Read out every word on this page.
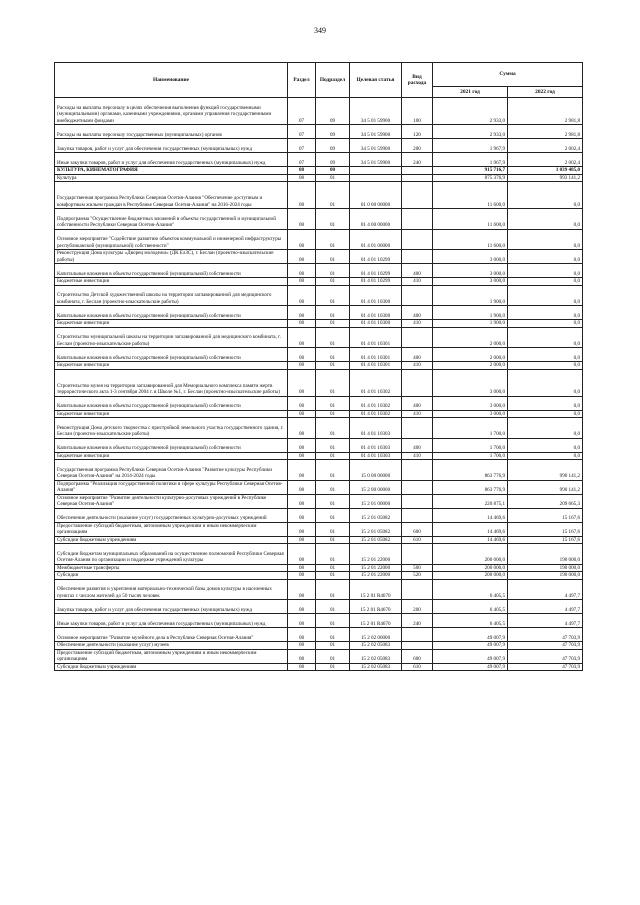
349
Наименование	Раздел	Подраздел	Целевая статья	Вид расхода	Сумма	
					2021 год	2022 год
Расходы на выплаты персоналу в целях обеспечения выполнения функций государственными (муниципальными) органами, казенными учреждениями, органами управления государственными внебюджетными фондами	07	09	34 5 01 59900	100	2 933,0	2 981,8
Расходы на выплаты персоналу государственных (муниципальных) органов	07	09	34 5 01 59900	120	2 933,0	2 981,8
Закупка товаров, работ и услуг для обеспечения государственных (муниципальных) нужд	07	09	34 5 01 59900	200	1 967,9	2 002,4
Иные закупки товаров, работ и услуг для обеспечения государственных (муниципальных) нужд	07	09	34 5 01 59900	240	1 967,9	2 002,4
КУЛЬТУРА, КИНЕМАТОГРАФИЯ	08	00			915 716,7	1 039 485,0
Культура	08	01			875 376,9	993 141,2
Государственная программа Республики Северная Осетия-Алания "Обеспечение доступным и комфортным жильем граждан в Республике Северная Осетия-Алания" на 2016-2024 годы	08	01	01 0 00 00000		11 600,0	0,0
Подпрограмма "Осуществление бюджетных вложений в объекты государственной и муниципальной собственности Республики Северная Осетия-Алания"	08	01	01 4 00 00000		11 600,0	0,0
Основное мероприятие "Содействие развитию объектов коммунальной и инженерной инфраструктуры республиканской (муниципальной) собственности"	08	01	01 4 01 00000		11 600,0	0,0
Реконструкция Дома культуры «Дворец молодежи» (ДК ЕлЗС), г. Беслан (проектно-изыскательские работы)	08	01	01 4 01 10299		3 000,0	0,0
Капитальные вложения в объекты государственной (муниципальной) собственности	08	01	01 4 01 10299	400	3 000,0	0,0
Бюджетные инвестиции	08	01	01 4 01 10299	410	3 000,0	0,0
Строительство Детской художественной школы на территории заглавированной для медицинского комбината, г. Беслан (проектно-изыскательские работы)	08	01	01 4 01 10300		1 900,0	0,0
Капитальные вложения в объекты государственной (муниципальной) собственности	08	01	01 4 01 10300	400	1 900,0	0,0
Бюджетные инвестиции	08	01	01 4 01 10300	410	1 900,0	0,0
Строительство муниципальной школы на территории заглавированной для медицинского комбината, г. Беслан (проектно-изыскательские работы)	08	01	01 4 01 10301		2 000,0	0,0
Капитальные вложения в объекты государственной (муниципальной) собственности	08	01	01 4 01 10301	400	2 000,0	0,0
Бюджетные инвестиции	08	01	01 4 01 10301	410	2 000,0	0,0
Строительство музея на территории заглавированной для Мемориального комплекса памяти жертв террористического акта 1-3 сентября 2004 г. в Школе №1, г. Беслан (проектно-изыскательские работы)	08	01	01 4 01 10302		3 000,0	0,0
Капитальные вложения в объекты государственной (муниципальной) собственности	08	01	01 4 01 10302	400	3 000,0	0,0
Бюджетные инвестиции	08	01	01 4 01 10302	410	3 000,0	0,0
Реконструкция Дома детского творчества с пристройкой земельного участка государственного здания, г. Беслан (проектно-изыскательские работы)	08	01	01 4 01 10303		1 700,0	0,0
Капитальные вложения в объекты государственной (муниципальной) собственности	08	01	01 4 01 10303	400	1 700,0	0,0
Бюджетные инвестиции	08	01	01 4 01 10303	410	1 700,0	0,0
Государственная программа Республики Северная Осетия-Алания "Развитие культуры Республики Северная Осетия-Алания" на 2014-2024 годы	08	01	15 0 00 00000		863 776,9	990 141,2
Подпрограмма "Реализация государственной политики в сфере культуры Республики Северная Осетия-Алания"	08	01	15 2 00 00000		863 776,9	990 141,2
Основное мероприятие "Развитие деятельности культурно-досуговых учреждений в Республике Северная Осетия-Алания"	08	01	15 2 01 00000		220 875,1	209 665,3
Обеспечение деятельности (оказание услуг) государственных культурно-досуговых учреждений	08	01	15 2 01 05082		14 469,6	15 167,6
Предоставление субсидий бюджетным, автономным учреждениям и иным некоммерческим организациям	08	01	15 2 01 05082	600	14 469,6	15 167,6
Субсидии бюджетным учреждениям	08	01	15 2 01 05082	610	14 469,6	15 167,6
Субсидии бюджетам муниципальных образований на осуществление полномочий Республики Северная Осетия-Алания по организации и поддержке учреждений культуры	08	01	15 2 01 22000		200 000,0	190 000,0
Межбюджетные трансферты	08	01	15 2 01 22000	500	200 000,0	190 000,0
Субсидии	08	01	15 2 01 22000	520	200 000,0	190 000,0
Обеспечение развития и укрепления материально-технической базы домов культуры в населенных пунктах с числом жителей до 50 тысяч человек	08	01	15 2 01 R4670		6 405,5	4 497,7
Закупка товаров, работ и услуг для обеспечения государственных (муниципальных) нужд	08	01	15 2 01 R4670	200	6 405,5	4 497,7
Иные закупки товаров, работ и услуг для обеспечения государственных (муниципальных) нужд	08	01	15 2 01 R4670	240	6 405,5	4 497,7
Основное мероприятие "Развитие музейного дела в Республике Северная Осетия-Алания"	08	01	15 2 02 00000		49 007,9	47 703,9
Обеспечение деятельности (оказание услуг) музеев	08	01	15 2 02 05083		49 007,9	47 703,9
Предоставление субсидий бюджетным, автономным учреждениям и иным некоммерческим организациям	08	01	15 2 02 05083	600	49 007,9	47 703,9
Субсидии бюджетным учреждениям	08	01	15 2 02 05083	610	49 007,9	47 703,9
